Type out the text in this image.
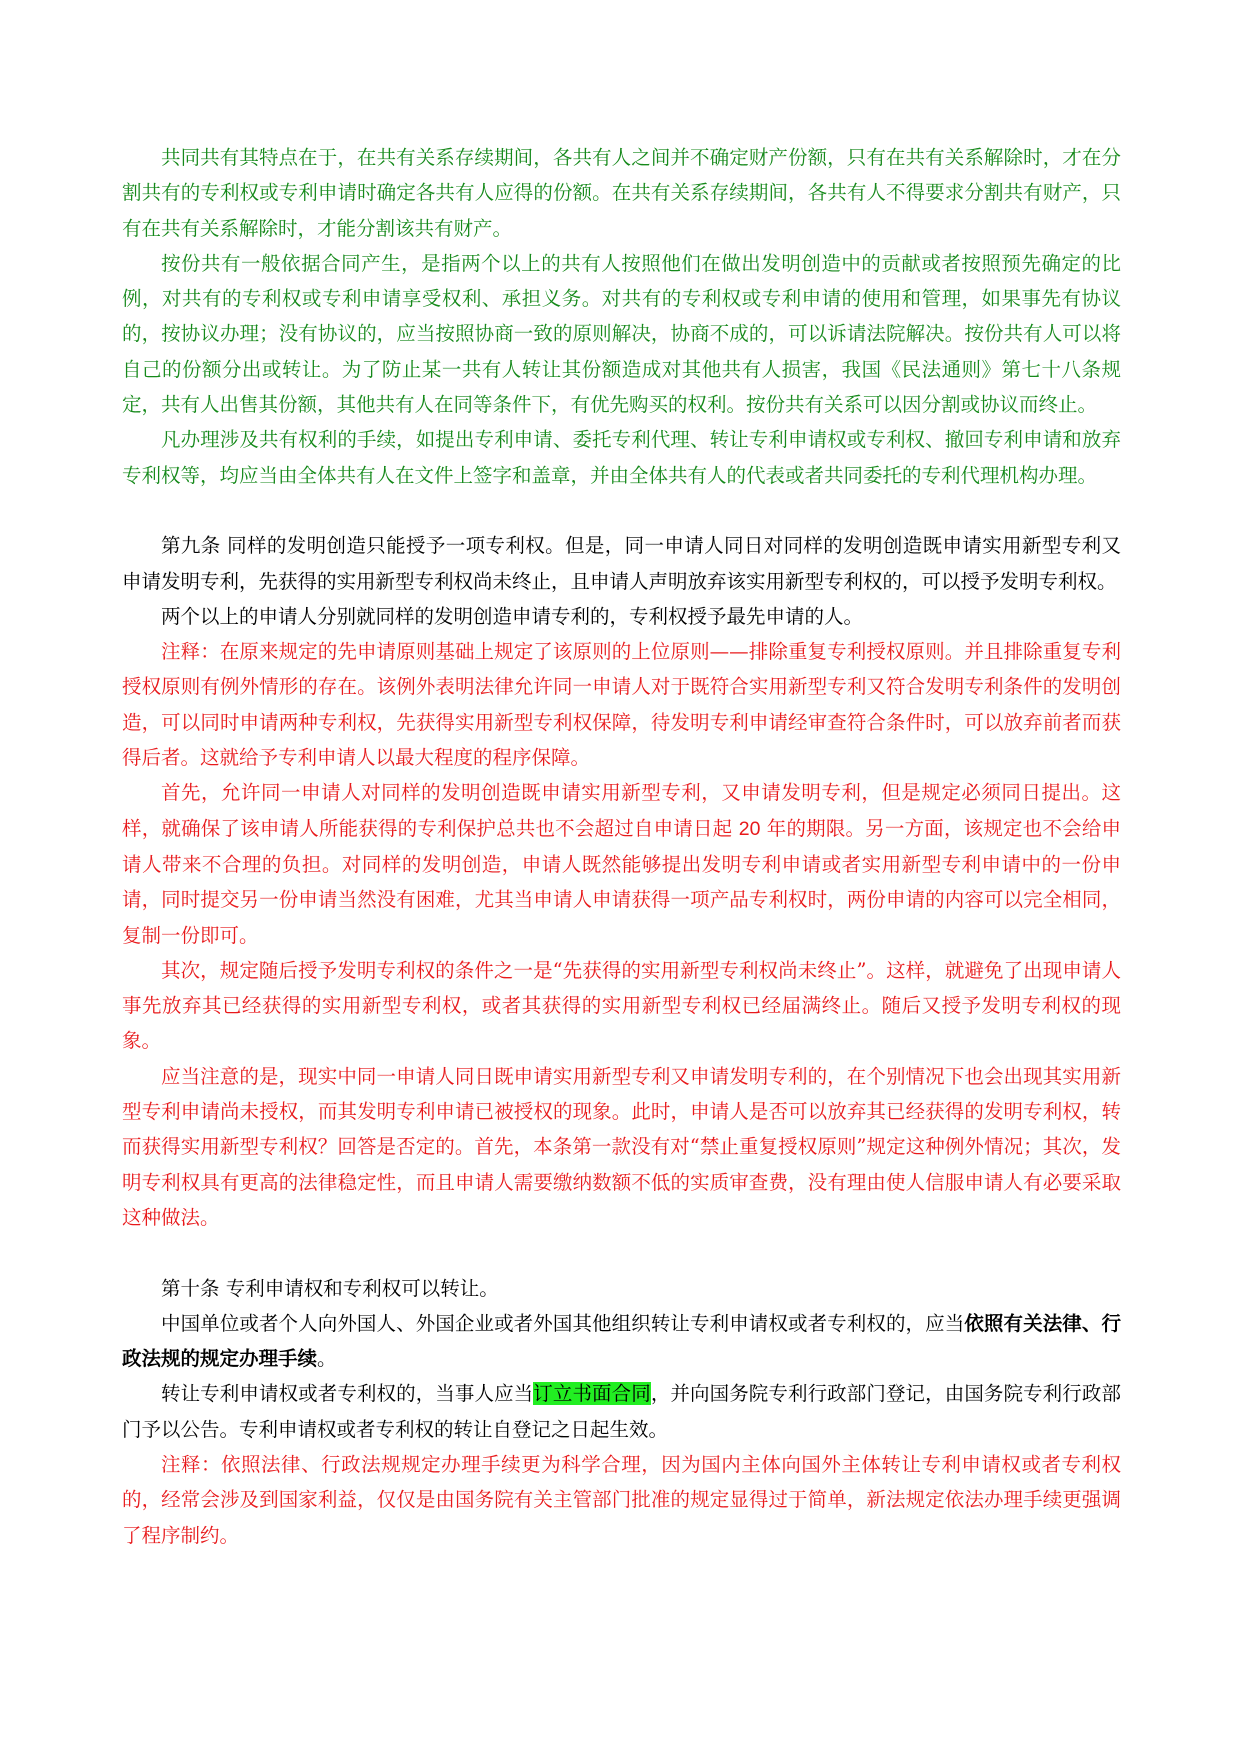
共同共有其特点在于，在共有关系存续期间，各共有人之间并不确定财产份额，只有在共有关系解除时，才在分割共有的专利权或专利申请时确定各共有人应得的份额。在共有关系存续期间，各共有人不得要求分割共有财产，只有在共有关系解除时，才能分割该共有财产。

按份共有一般依据合同产生，是指两个以上的共有人按照他们在做出发明创造中的贡献或者按照预先确定的比例，对共有的专利权或专利申请享受权利、承担义务。对共有的专利权或专利申请的使用和管理，如果事先有协议的，按协议办理；没有协议的，应当按照协商一致的原则解决，协商不成的，可以诉请法院解决。按份共有人可以将自己的份额分出或转让。为了防止某一共有人转让其份额造成对其他共有人损害，我国《民法通则》第七十八条规定，共有人出售其份额，其他共有人在同等条件下，有优先购买的权利。按份共有关系可以因分割或协议而终止。

凡办理涉及共有权利的手续，如提出专利申请、委托专利代理、转让专利申请权或专利权、撤回专利申请和放弃专利权等，均应当由全体共有人在文件上签字和盖章，并由全体共有人的代表或者共同委托的专利代理机构办理。

第九条 同样的发明创造只能授予一项专利权。但是，同一申请人同日对同样的发明创造既申请实用新型专利又申请发明专利，先获得的实用新型专利权尚未终止，且申请人声明放弃该实用新型专利权的，可以授予发明专利权。

两个以上的申请人分别就同样的发明创造申请专利的，专利权授予最先申请的人。

注释：在原来规定的先申请原则基础上规定了该原则的上位原则——排除重复专利授权原则。并且排除重复专利授权原则有例外情形的存在。该例外表明法律允许同一申请人对于既符合实用新型专利又符合发明专利条件的发明创造，可以同时申请两种专利权，先获得实用新型专利权保障，待发明专利申请经审查符合条件时，可以放弃前者而获得后者。这就给予专利申请人以最大程度的程序保障。

首先，允许同一申请人对同样的发明创造既申请实用新型专利，又申请发明专利，但是规定必须同日提出。这样，就确保了该申请人所能获得的专利保护总共也不会超过自申请日起 20 年的期限。另一方面，该规定也不会给申请人带来不合理的负担。对同样的发明创造，申请人既然能够提出发明专利申请或者实用新型专利申请中的一份申请，同时提交另一份申请当然没有困难，尤其当申请人申请获得一项产品专利权时，两份申请的内容可以完全相同，复制一份即可。

其次，规定随后授予发明专利权的条件之一是“先获得的实用新型专利权尚未终止”。这样，就避免了出现申请人事先放弃其已经获得的实用新型专利权，或者其获得的实用新型专利权已经届满终止。随后又授予发明专利权的现象。

应当注意的是，现实中同一申请人同日既申请实用新型专利又申请发明专利的，在个别情况下也会出现其实用新型专利申请尚未授权，而其发明专利申请已被授权的现象。此时，申请人是否可以放弃其已经获得的发明专利权，转而获得实用新型专利权？回答是否定的。首先，本条第一款没有对“禁止重复授权原则”规定这种例外情况；其次，发明专利权具有更高的法律稳定性，而且申请人需要缴纳数额不低的实质审查费，没有理由使人信服申请人有必要采取这种做法。

第十条 专利申请权和专利权可以转让。

中国单位或者个人向外国人、外国企业或者外国其他组织转让专利申请权或者专利权的，应当依照有关法律、行政法规的规定办理手续。

转让专利申请权或者专利权的，当事人应当订立书面合同，并向国务院专利行政部门登记，由国务院专利行政部门予以公告。专利申请权或者专利权的转让自登记之日起生效。

注释：依照法律、行政法规规定办理手续更为科学合理，因为国内主体向国外主体转让专利申请权或者专利权的，经常会涉及到国家利益，仅仅是由国务院有关主管部门批准的规定显得过于简单，新法规定依法办理手续更强调了程序制约。
